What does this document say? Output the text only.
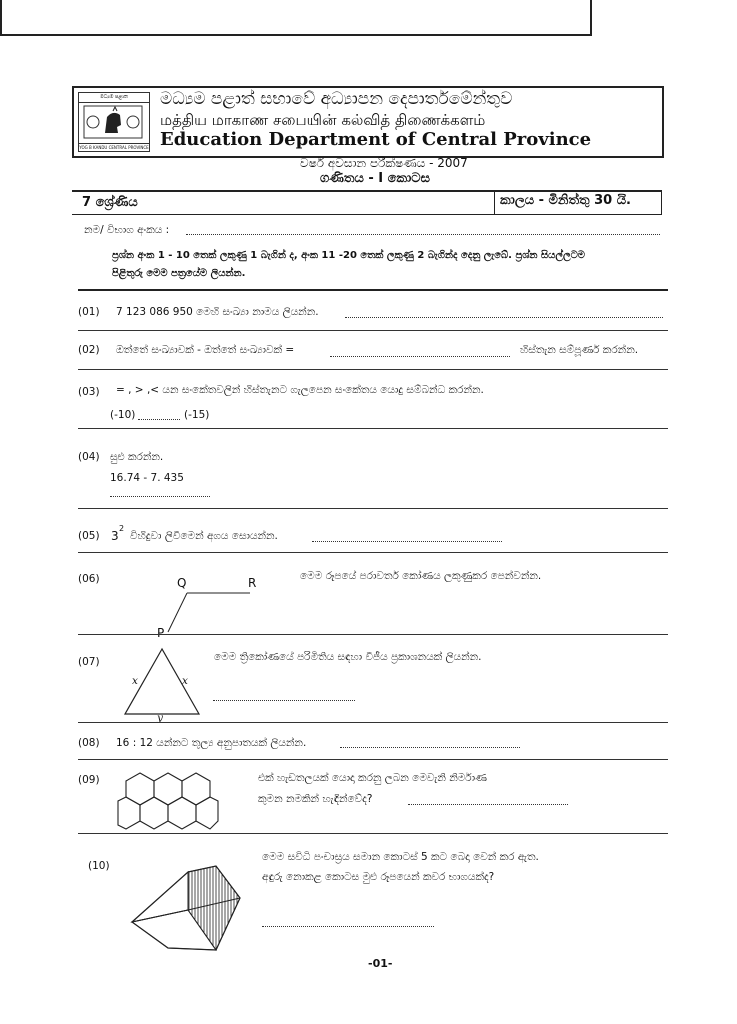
මධ්‍යම පළාත
YOG B KANDU CENTRAL PROVINCE
මධ්‍යම පළාත් සභාවේ අධ්‍යාපන දෙපාර්තමේන්තුව
மத்திய மாகாண சபையின் கல்வித் திணைக்களம்
Education Department of Central Province
වර්ෂ අවසාන පරීක්ෂණය - 2007
ගණිතය - I කොටස
7 ශ්‍රේණිය	කාලය - මිනිත්තු 30 යි.
නම/ විභාග අංකය :
ප්‍රශ්න අංක 1 - 10 තෙක් ලකුණු 1 බැගින් ද, අංක 11 -20 තෙක් ලකුණු 2 බැගින්ද දෙනු ලැබේ. ප්‍රශ්න සියල්ලටම
පිළිතුරු මෙම පත්‍රයේම ලියන්න.
(01) 7 123 086 950 මෙහි සංඛ්‍යා නාමය ලියන්න.
(02) ඔත්තේ සංඛ්‍යාවක් - ඔත්තේ සංඛ්‍යාවක් =	හිස්තැන සම්පූර්ණ කරන්න.
(03) = , > ,< යන සංකේතවලින් හිස්තැනට ගැලපෙන සංකේතය යොදු සම්බන්ධ කරන්න.
(-10)	(-15)
(04) සුළු කරන්න.
16.74 - 7. 435
(05) 3
2
විහිදුවා ලිවීමෙන් අගය සොයන්න.
(06)	Q	R
P
මෙම රූපයේ පරාවර්ත කෝණය ලකුණුකර පෙන්වන්න.
(07)
x	x
y
මෙම ත්‍රිකෝණයේ පරිමිතිය සඳහා වීජීය ප්‍රකාශනයක් ලියන්න.
(08) 16 : 12 යන්නට තුල්‍ය අනුපාතයක් ලියන්න.
(09)	එක් හැඩතලයක් යොදා කරනු ලබන මෙවැනි නිර්මාණ
කුමන නමකින් හැඳින්වේද?
(10)
මෙම සවිධි පංචාස්‍රය සමාන කොටස් 5 කට බෙදා වෙන් කර ඇත.
අඳුරු නොකළ කොටස මුළු රූපයෙන් කවර භාගයක්ද?
-01-
